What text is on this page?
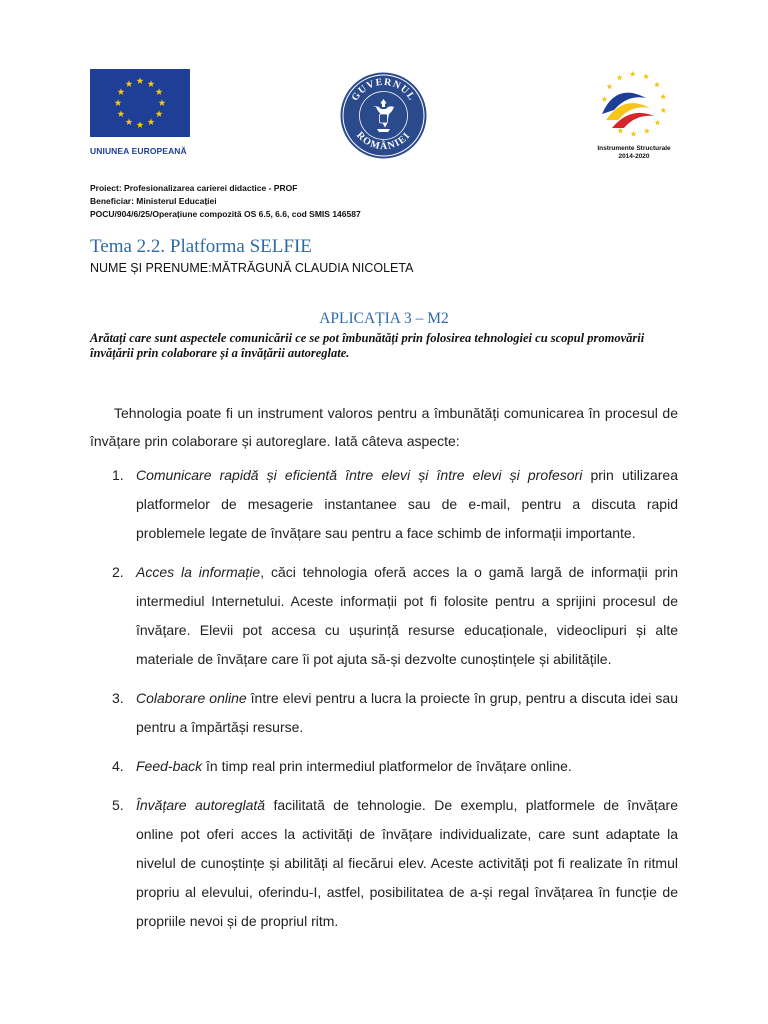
UNIUNEA EUROPEANĂ
GUVERNUL
ROMÂNIEI
Instrumente Structurale
2014-2020
Proiect: Profesionalizarea carierei didactice - PROF
Beneficiar: Ministerul Educației
POCU/904/6/25/Operațiune compozită OS 6.5, 6.6, cod SMIS 146587
Tema 2.2. Platforma SELFIE
NUME ȘI PRENUME:MĂTRĂGUNĂ CLAUDIA NICOLETA
APLICAȚIA 3 – M2
Arătați care sunt aspectele comunicării ce se pot îmbunătăți prin folosirea tehnologiei cu scopul promovării învățării prin colaborare și a învățării autoreglate.
Tehnologia poate fi un instrument valoros pentru a îmbunătăți comunicarea în procesul de învățare prin colaborare și autoreglare. Iată câteva aspecte:
1. Comunicare rapidă și eficientă între elevi și între elevi și profesori prin utilizarea platformelor de mesagerie instantanee sau de e-mail, pentru a discuta rapid problemele legate de învățare sau pentru a face schimb de informații importante.
2. Acces la informație, căci tehnologia oferă acces la o gamă largă de informații prin intermediul Internetului. Aceste informații pot fi folosite pentru a sprijini procesul de învățare. Elevii pot accesa cu ușurință resurse educaționale, videoclipuri și alte materiale de învățare care îi pot ajuta să-și dezvolte cunoștințele și abilitățile.
3. Colaborare online între elevi pentru a lucra la proiecte în grup, pentru a discuta idei sau pentru a împărtăși resurse.
4. Feed-back în timp real prin intermediul platformelor de învățare online.
5. Învățare autoreglată facilitată de tehnologie. De exemplu, platformele de învățare online pot oferi acces la activități de învățare individualizate, care sunt adaptate la nivelul de cunoștințe și abilități al fiecărui elev. Aceste activități pot fi realizate în ritmul propriu al elevului, oferindu-I, astfel, posibilitatea de a-și regal învățarea în funcție de propriile nevoi și de propriul ritm.
